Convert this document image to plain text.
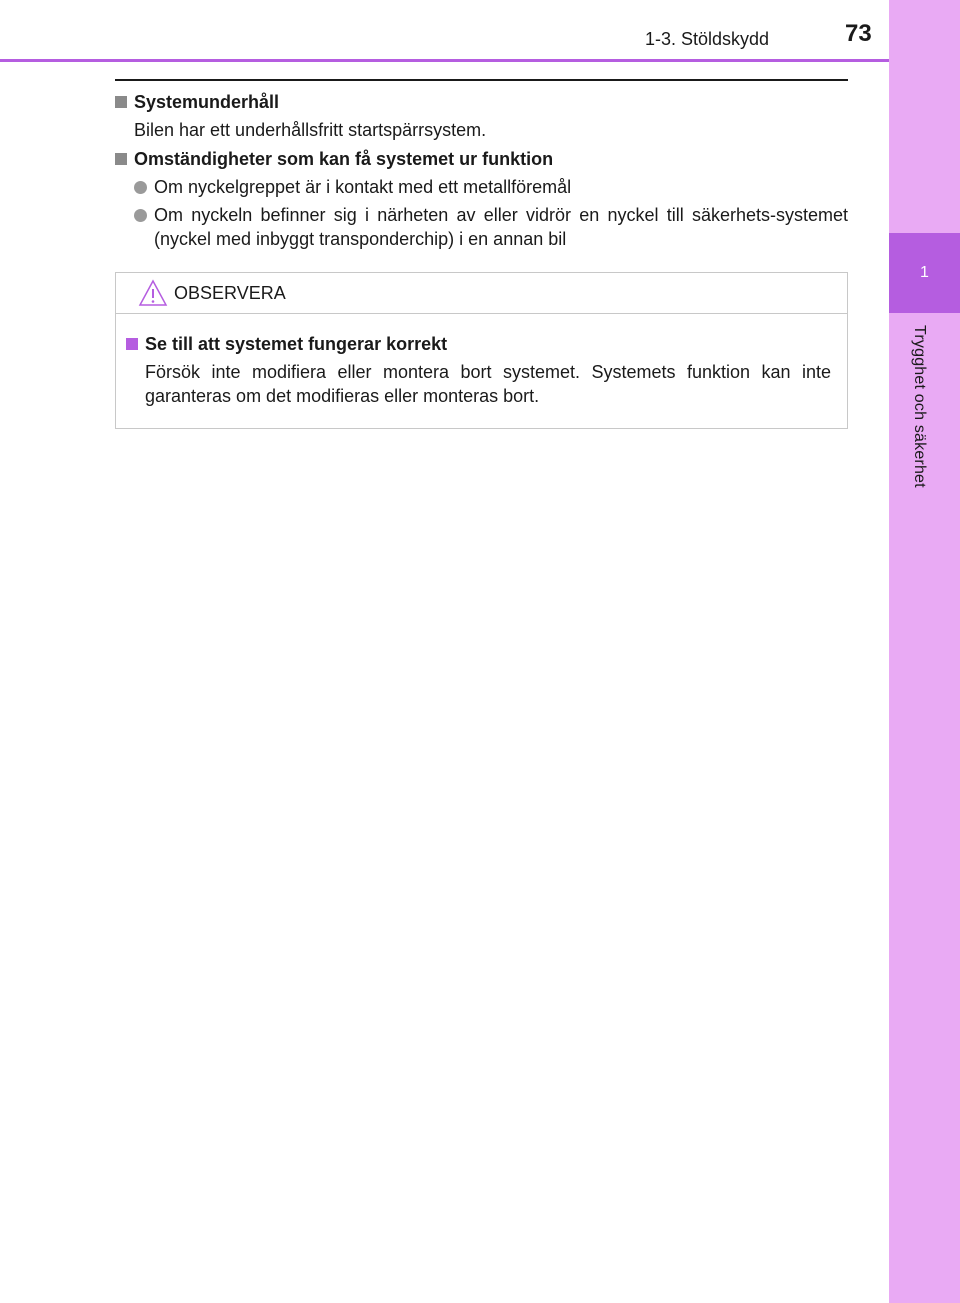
1
Trygghet och säkerhet
1-3. Stöldskydd	73
Systemunderhåll
Bilen har ett underhållsfritt startspärrsystem.
Omständigheter som kan få systemet ur funktion
Om nyckelgreppet är i kontakt med ett metallföremål
Om nyckeln befinner sig i närheten av eller vidrör en nyckel till säkerhets-systemet (nyckel med inbyggt transponderchip) i en annan bil
OBSERVERA
Se till att systemet fungerar korrekt
Försök inte modifiera eller montera bort systemet. Systemets funktion kan inte garanteras om det modifieras eller monteras bort.
